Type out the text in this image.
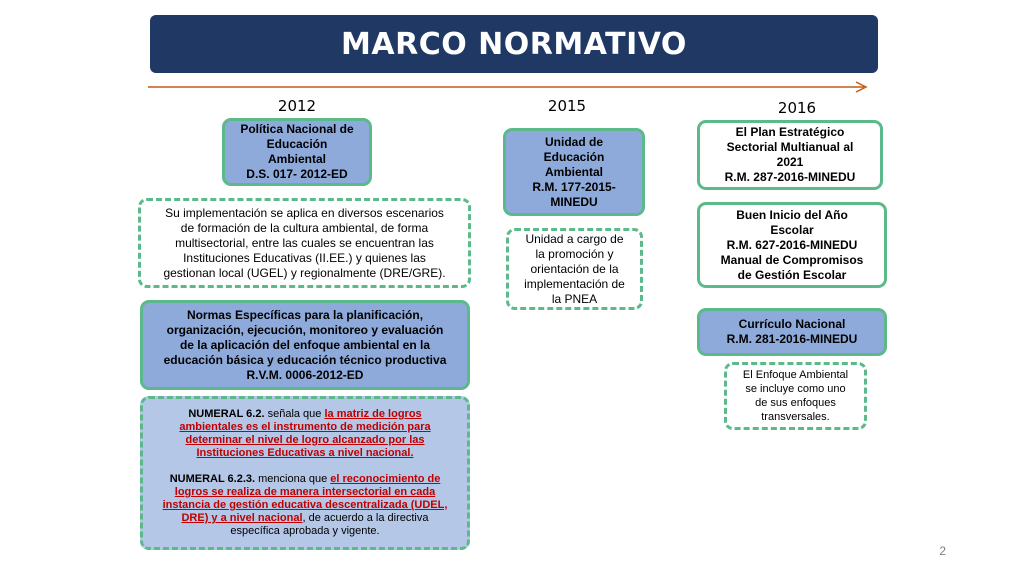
MARCO NORMATIVO
2012	2015	2016
Política Nacional de
Educación
Ambiental
D.S. 017- 2012-ED
Su implementación se aplica en diversos escenarios
de formación de la cultura ambiental, de forma
multisectorial, entre las cuales se encuentran las
Instituciones Educativas (II.EE.) y quienes las
gestionan local (UGEL) y regionalmente (DRE/GRE).
Normas Específicas para la planificación,
organización, ejecución, monitoreo y evaluación
de la aplicación del enfoque ambiental en la
educación básica y educación técnico productiva
R.V.M. 0006-2012-ED
NUMERAL 6.2. señala que la matriz de logros ambientales es el instrumento de medición para determinar el nivel de logro alcanzado por las Instituciones Educativas a nivel nacional.
NUMERAL 6.2.3. menciona que el reconocimiento de logros se realiza de manera intersectorial en cada instancia de gestión educativa descentralizada (UDEL, DRE) y a nivel nacional, de acuerdo a la directiva específica aprobada y vigente.
Unidad de
Educación
Ambiental
R.M. 177-2015-
MINEDU
Unidad a cargo de
la promoción y
orientación de la
implementación de
la PNEA
El Plan Estratégico
Sectorial Multianual al
2021
R.M. 287-2016-MINEDU
Buen Inicio del Año
Escolar
R.M. 627-2016-MINEDU
Manual de Compromisos
de Gestión Escolar
Currículo Nacional
R.M. 281-2016-MINEDU
El Enfoque Ambiental
se incluye como uno
de sus enfoques
transversales.
2
